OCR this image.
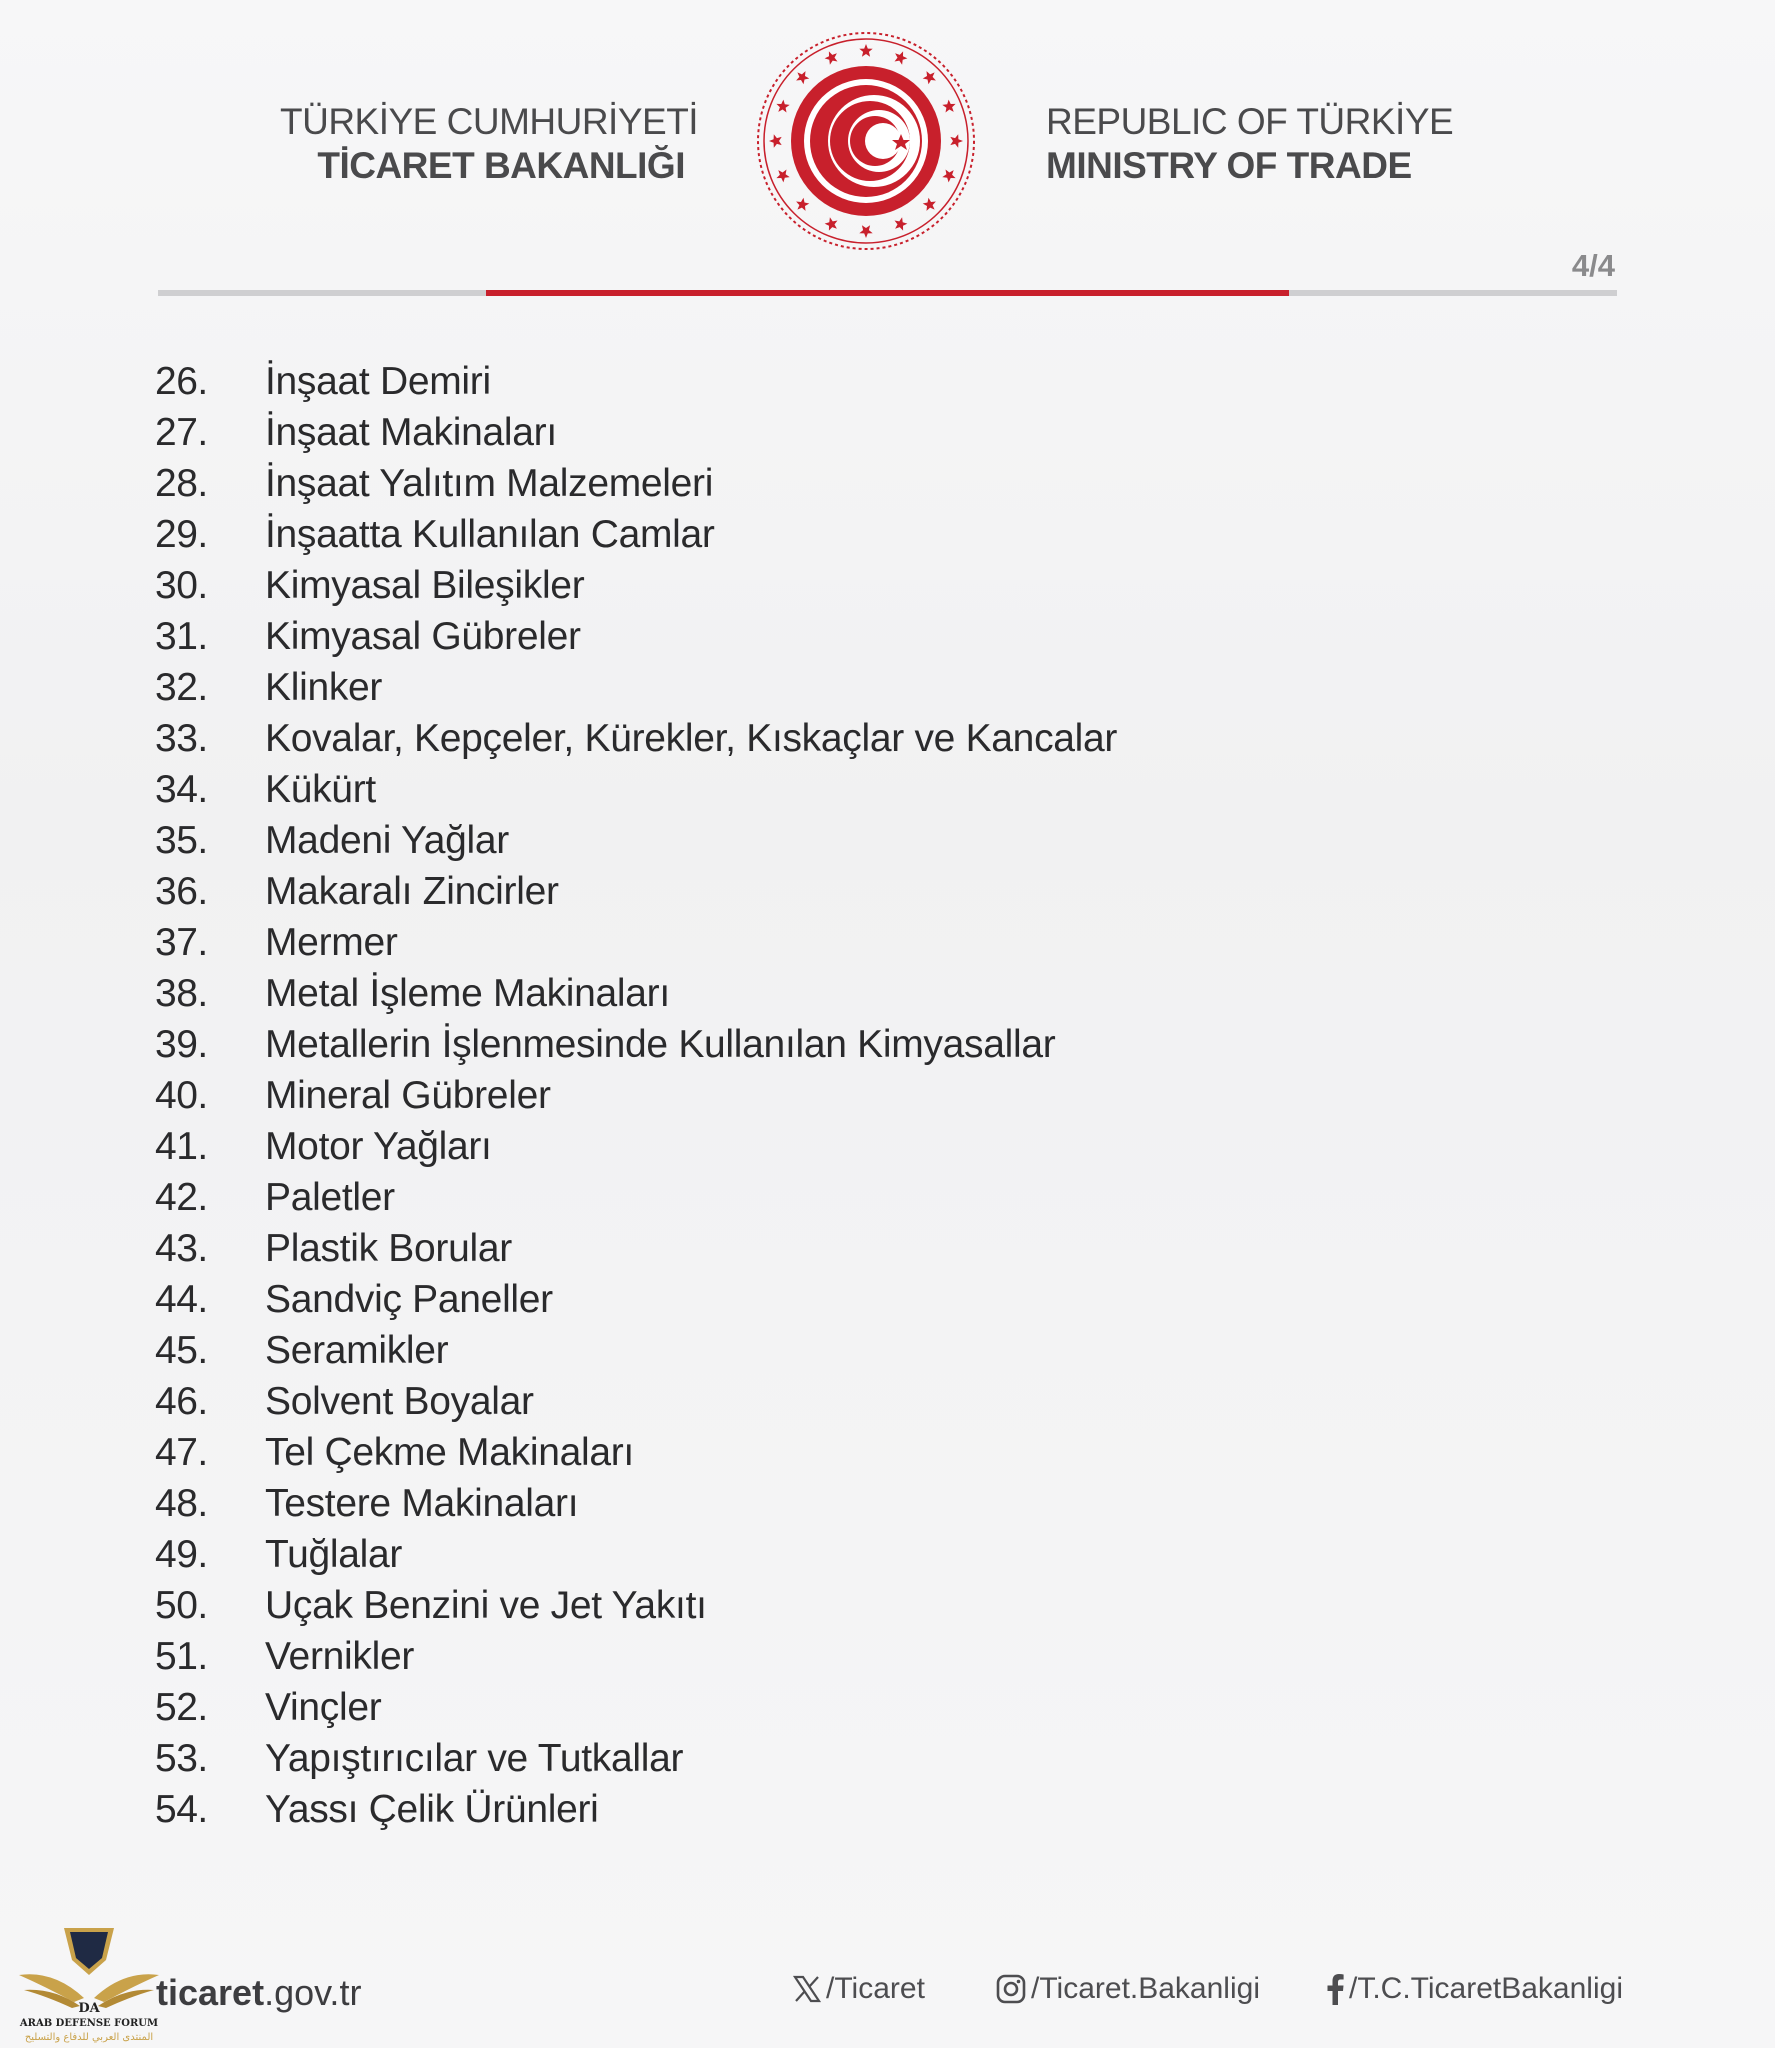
TÜRKİYE CUMHURİYETİ
TİCARET BAKANLIĞI
REPUBLIC OF TÜRKİYE
MINISTRY OF TRADE
4/4
26.	İnşaat Demiri
27.	İnşaat Makinaları
28.	İnşaat Yalıtım Malzemeleri
29.	İnşaatta Kullanılan Camlar
30.	Kimyasal Bileşikler
31.	Kimyasal Gübreler
32.	Klinker
33.	Kovalar, Kepçeler, Kürekler, Kıskaçlar ve Kancalar
34.	Kükürt
35.	Madeni Yağlar
36.	Makaralı Zincirler
37.	Mermer
38.	Metal İşleme Makinaları
39.	Metallerin İşlenmesinde Kullanılan Kimyasallar
40.	Mineral Gübreler
41.	Motor Yağları
42.	Paletler
43.	Plastik Borular
44.	Sandviç Paneller
45.	Seramikler
46.	Solvent Boyalar
47.	Tel Çekme Makinaları
48.	Testere Makinaları
49.	Tuğlalar
50.	Uçak Benzini ve Jet Yakıtı
51.	Vernikler
52.	Vinçler
53.	Yapıştırıcılar ve Tutkallar
54.	Yassı Çelik Ürünleri
DA
ARAB DEFENSE FORUM
المنتدى العربي للدفاع والتسليح
ticaret.gov.tr	/Ticaret	/Ticaret.Bakanligi	/T.C.TicaretBakanligi
